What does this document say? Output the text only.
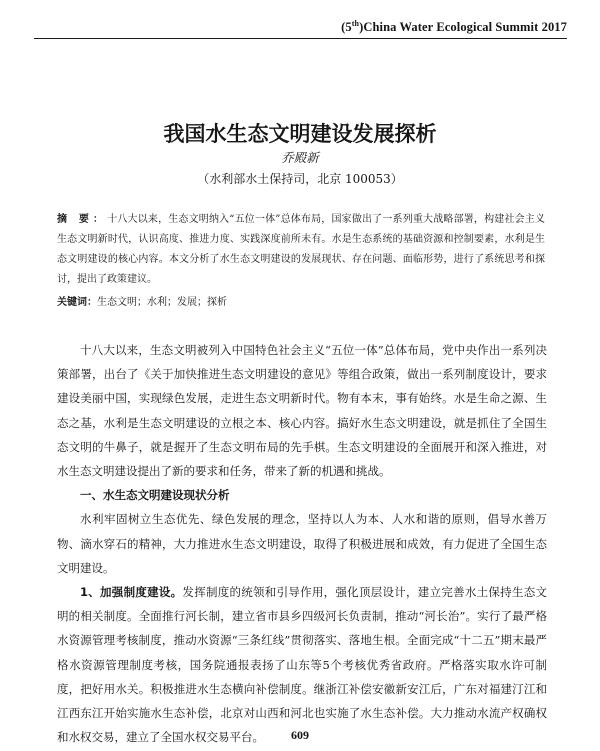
(5th)China Water Ecological Summit 2017
我国水生态文明建设发展探析
乔殿新
（水利部水土保持司，北京 100053）
摘 要：十八大以来，生态文明纳入“五位一体”总体布局，国家做出了一系列重大战略部署，构建社会主义生态文明新时代，认识高度、推进力度、实践深度前所未有。水是生态系统的基础资源和控制要素，水利是生态文明建设的核心内容。本文分析了水生态文明建设的发展现状、存在问题、面临形势，进行了系统思考和探讨，提出了政策建议。
关键词：生态文明；水利；发展；探析

十八大以来，生态文明被列入中国特色社会主义“五位一体”总体布局，党中央作出一系列决策部署，出台了《关于加快推进生态文明建设的意见》等组合政策，做出一系列制度设计，要求建设美丽中国，实现绿色发展，走进生态文明新时代。物有本末，事有始终。水是生命之源、生态之基，水利是生态文明建设的立根之本、核心内容。搞好水生态文明建设，就是抓住了全国生态文明的牛鼻子，就是握开了生态文明布局的先手棋。生态文明建设的全面展开和深入推进，对水生态文明建设提出了新的要求和任务，带来了新的机遇和挑战。

一、水生态文明建设现状分析

水利牢固树立生态优先、绿色发展的理念，坚持以人为本、人水和谐的原则，倡导水善万物、滴水穿石的精神，大力推进水生态文明建设，取得了积极进展和成效，有力促进了全国生态文明建设。

1、加强制度建设。发挥制度的统领和引导作用，强化顶层设计，建立完善水土保持生态文明的相关制度。全面推行河长制，建立省市县乡四级河长负责制，推动“河长治”。实行了最严格水资源管理考核制度，推动水资源“三条红线”贯彻落实、落地生根。全面完成“十二五”期末最严格水资源管理制度考核，国务院通报表扬了山东等5个考核优秀省政府。严格落实取水许可制度，把好用水关。积极推进水生态横向补偿制度。继浙江补偿安徽新安江后，广东对福建汀江和江西东江开始实施水生态补偿，北京对山西和河北也实施了水生态补偿。大力推动水流产权确权和水权交易，建立了全国水权交易平台。	609
